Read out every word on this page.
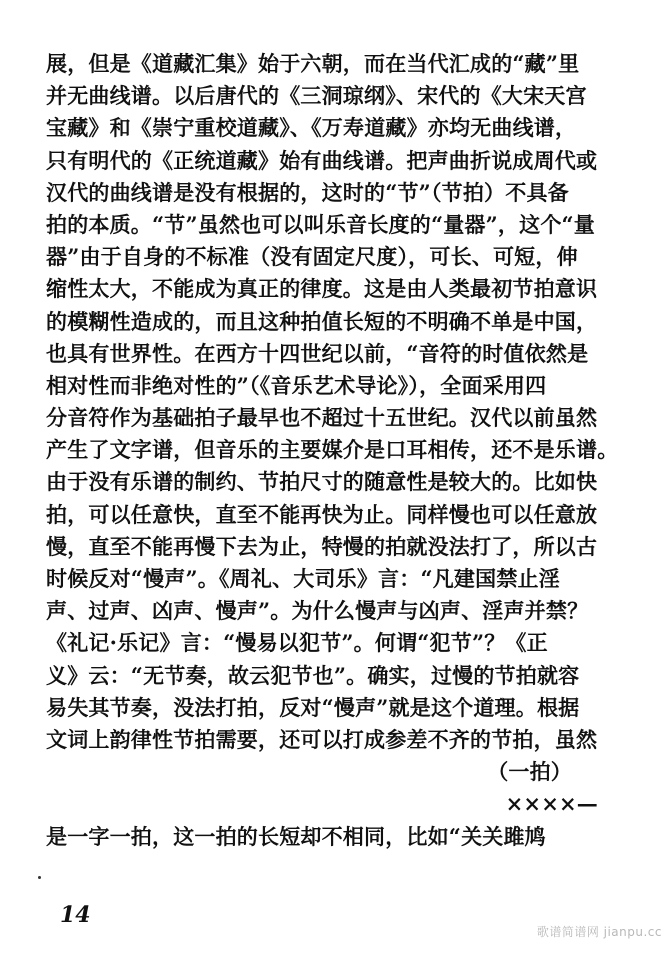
展，但是《道藏汇集》始于六朝，而在当代汇成的“藏”里
并无曲线谱。以后唐代的《三洞琼纲》、宋代的《大宋天宫
宝藏》和《崇宁重校道藏》、《万寿道藏》亦均无曲线谱，
只有明代的《正统道藏》始有曲线谱。把声曲折说成周代或
汉代的曲线谱是没有根据的，这时的“节”（节拍）不具备
拍的本质。“节”虽然也可以叫乐音长度的“量器”，这个“量
器”由于自身的不标准（没有固定尺度），可长、可短，伸
缩性太大，不能成为真正的律度。这是由人类最初节拍意识
的模糊性造成的，而且这种拍值长短的不明确不单是中国，
也具有世界性。在西方十四世纪以前，“音符的时值依然是
相对性而非绝对性的”（《音乐艺术导论》），全面采用四
分音符作为基础拍子最早也不超过十五世纪。汉代以前虽然
产生了文字谱，但音乐的主要媒介是口耳相传，还不是乐谱。
由于没有乐谱的制约、节拍尺寸的随意性是较大的。比如快
拍，可以任意快，直至不能再快为止。同样慢也可以任意放
慢，直至不能再慢下去为止，特慢的拍就没法打了，所以古
时候反对“慢声”。《周礼、大司乐》言：“凡建国禁止淫
声、过声、凶声、慢声”。为什么慢声与凶声、淫声并禁？
《礼记·乐记》言：“慢易以犯节”。何谓“犯节”？《正
义》云：“无节奏，故云犯节也”。确实，过慢的节拍就容
易失其节奏，没法打拍，反对“慢声”就是这个道理。根据
文词上韵律性节拍需要，还可以打成参差不齐的节拍，虽然
（一拍）
××××—
是一字一拍，这一拍的长短却不相同，比如“关关雎鸠
14
歌谱简谱网 jianpu.cc
